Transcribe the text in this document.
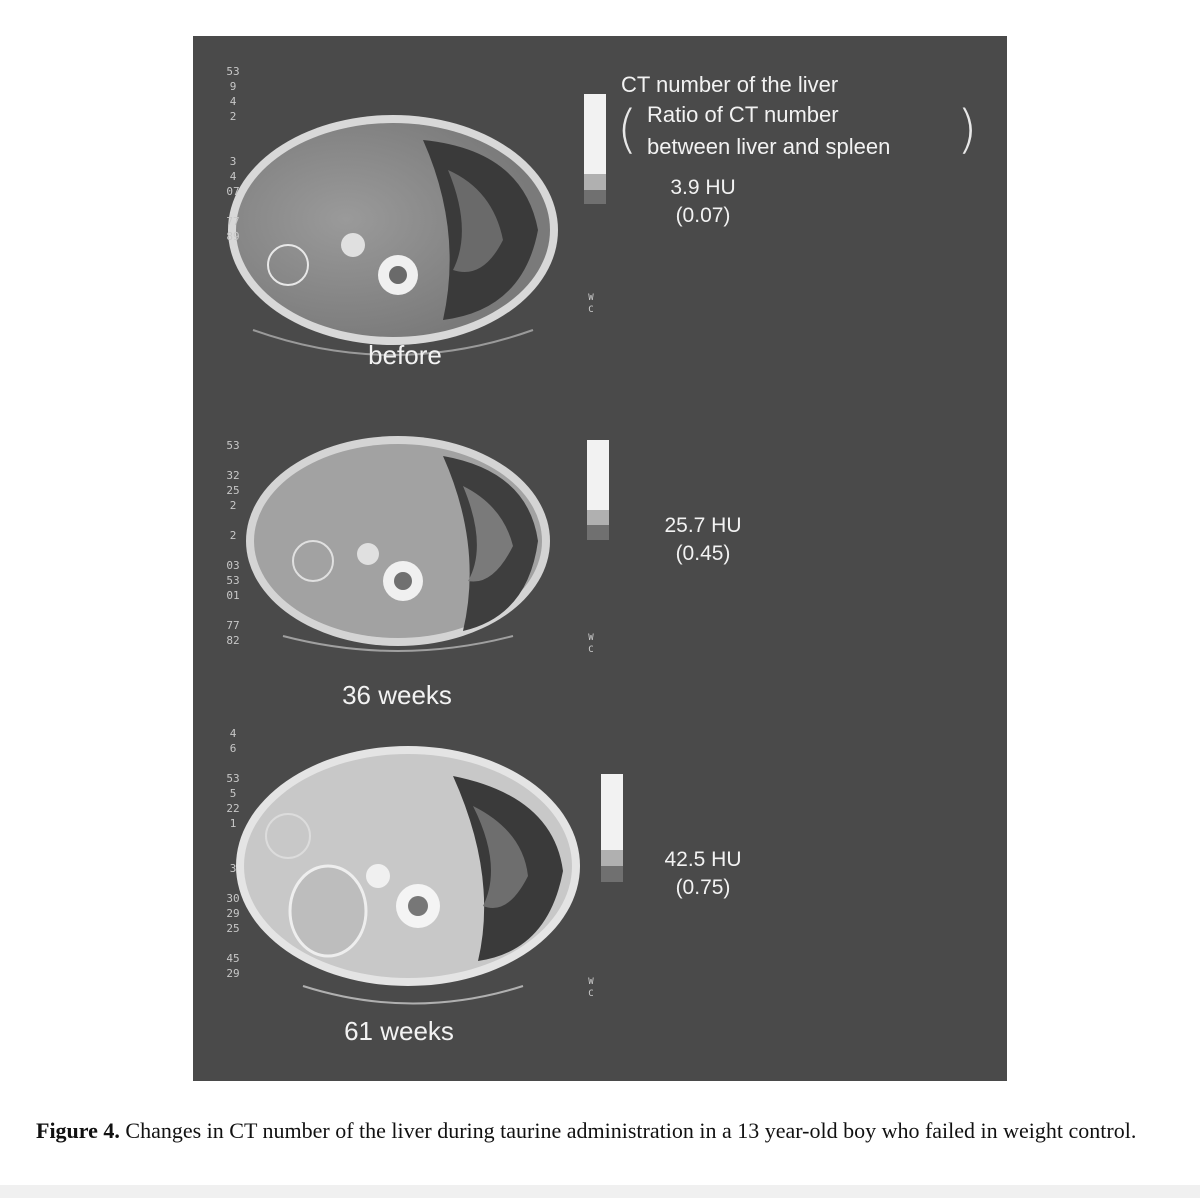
CT number of the liver
( Ratio of CT number
between liver and spleen )
53
9
4
2

3
4
07

77
89
W
C
3.9 HU
(0.07)
before
53

32
25
2

2

03
53
01

77
82	W
C
25.7 HU
(0.45)
36 weeks
4
6

53
5
22
1

3

30
29
25

45
29
W
C
42.5 HU
(0.75)
61 weeks
Figure 4. Changes in CT number of the liver during taurine administration in a 13 year-old boy who failed in weight control.
